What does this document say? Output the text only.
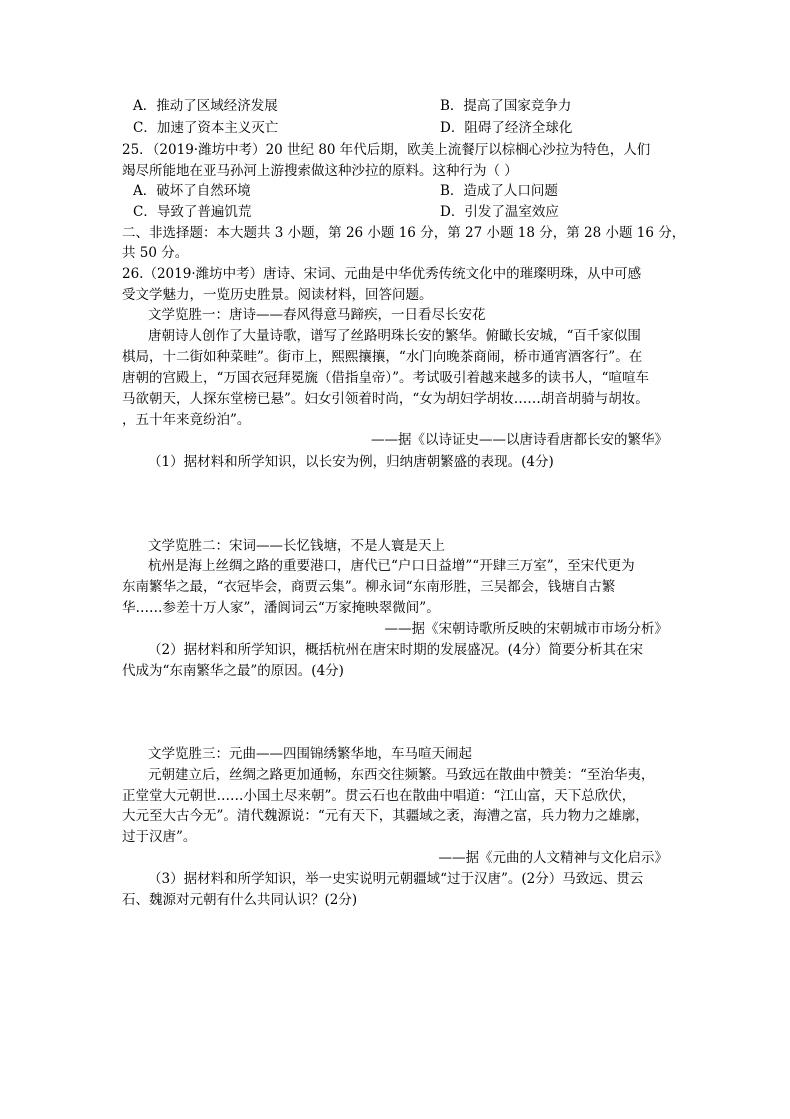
A．推动了区域经济发展	B．提高了国家竞争力
C．加速了资本主义灭亡	D．阻碍了经济全球化
25．（2019·潍坊中考）20 世纪 80 年代后期，欧美上流餐厅以棕榈心沙拉为特色，人们
竭尽所能地在亚马孙河上游搜索做这种沙拉的原料。这种行为（ ）
A．破坏了自然环境	B．造成了人口问题
C．导致了普遍饥荒	D．引发了温室效应
二、非选择题：本大题共 3 小题，第 26 小题 16 分，第 27 小题 18 分，第 28 小题 16 分，
共 50 分。
26.（2019·潍坊中考）唐诗、宋词、元曲是中华优秀传统文化中的璀璨明珠，从中可感
受文学魅力，一览历史胜景。阅读材料，回答问题。
文学览胜一：唐诗——春风得意马蹄疾，一日看尽长安花
唐朝诗人创作了大量诗歌，谱写了丝路明珠长安的繁华。俯瞰长安城，“百千家似围
棋局，十二街如种菜畦”。街市上，熙熙攘攘，“水门向晚茶商闹，桥市通宵酒客行”。在
唐朝的宫殿上，“万国衣冠拜冕旒（借指皇帝）”。考试吸引着越来越多的读书人，“喧喧车
马欲朝天，人探东堂榜已悬”。妇女引领着时尚，“女为胡妇学胡妆……胡音胡骑与胡妆。
，五十年来竟纷泊”。
——据《以诗证史——以唐诗看唐都长安的繁华》
（1）据材料和所学知识，以长安为例，归纳唐朝繁盛的表现。(4分)
文学览胜二：宋词——长忆钱塘，不是人寰是天上
杭州是海上丝绸之路的重要港口，唐代已“户口日益增”“开肆三万室”，至宋代更为
东南繁华之最，“衣冠毕会，商贾云集”。柳永词“东南形胜，三吴都会，钱塘自古繁
华……参差十万人家”，潘阆词云“万家掩映翠微间”。
——据《宋朝诗歌所反映的宋朝城市市场分析》
（2）据材料和所学知识，概括杭州在唐宋时期的发展盛况。(4分）简要分析其在宋
代成为“东南繁华之最”的原因。(4分)
文学览胜三：元曲——四围锦绣繁华地，车马喧天闹起
元朝建立后，丝绸之路更加通畅，东西交往频繁。马致远在散曲中赞美：“至治华夷，
正堂堂大元朝世……小国土尽来朝”。贯云石也在散曲中唱道：“江山富，天下总欣伏，
大元至大古今无”。清代魏源说：“元有天下，其疆域之袤，海漕之富，兵力物力之雄廓，
过于汉唐”。
——据《元曲的人文精神与文化启示》
（3）据材料和所学知识，举一史实说明元朝疆域“过于汉唐”。(2分）马致远、贯云
石、魏源对元朝有什么共同认识？(2分)
